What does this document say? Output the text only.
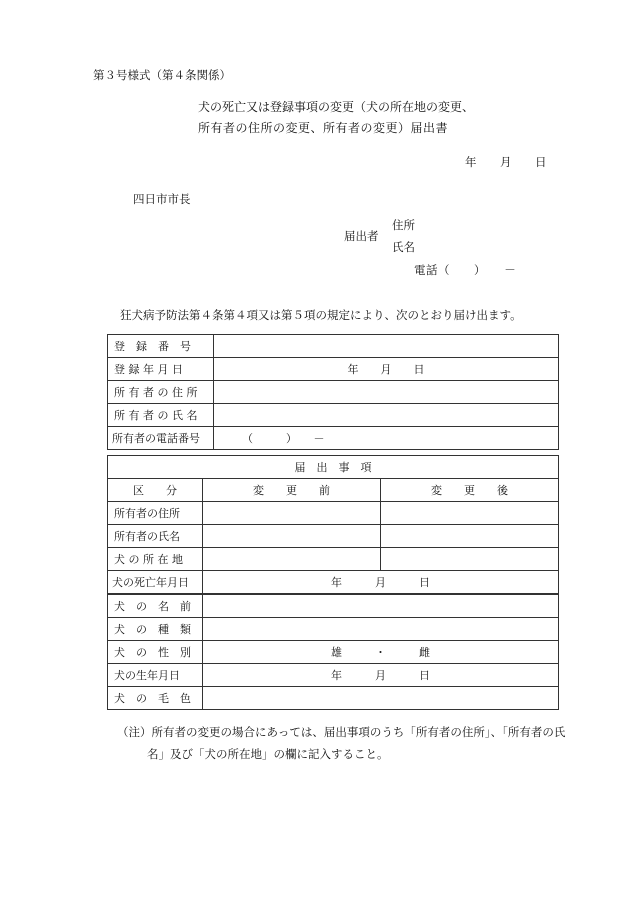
第３号様式（第４条関係）
犬の死亡又は登録事項の変更（犬の所在地の変更、
所有者の住所の変更、所有者の変更）届出書
年 月 日
四日市市長
届出者
住所
氏名
電話（　　）　　－
狂犬病予防法第４条第４項又は第５項の規定により、次のとおり届け出ます。
登　録　番　号	
登 録 年 月 日	年　　月　　日
所 有 者 の 住 所	
所 有 者 の 氏 名	
所有者の電話番号	（　　　）　　－
届　出　事　項		
区　　分	変　　更　　前	変　　更　　後
所有者の住所		
所有者の氏名		
犬 の 所 在 地		
犬の死亡年月日	年　　　月　　　日	
犬　の　名　前		
犬　の　種　類		
犬　の　性　別	雄　　　・　　　雌	
犬の生年月日	年　　　月　　　日	
犬　の　毛　色		
（注）所有者の変更の場合にあっては、届出事項のうち「所有者の住所」、「所有者の氏
名」及び「犬の所在地」の欄に記入すること。
